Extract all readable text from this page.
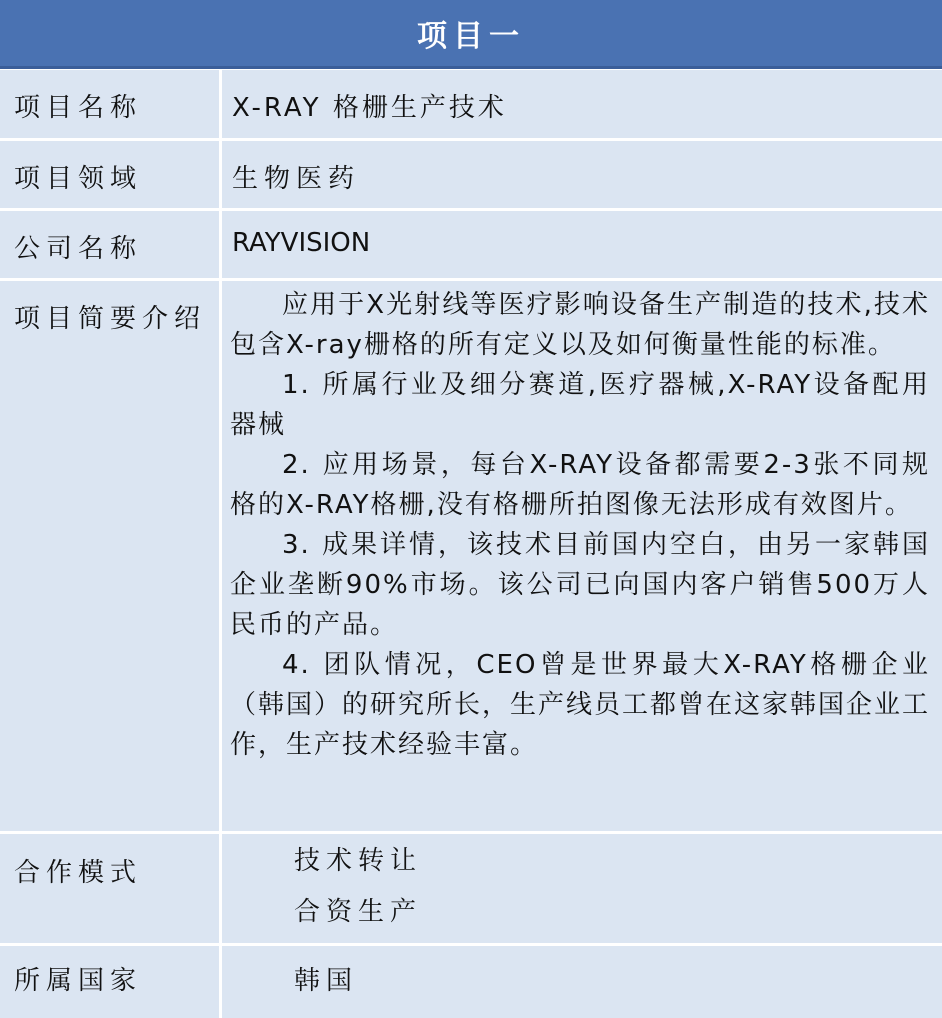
项目一
项目名称	X-RAY 格栅生产技术
项目领域	生物医药
公司名称	RAYVISION
项目简要介绍	应用于X光射线等医疗影响设备生产制造的技术,技术包含X-ray栅格的所有定义以及如何衡量性能的标准。

1. 所属行业及细分赛道,医疗器械,X-RAY设备配用器械

2. 应用场景，每台X-RAY设备都需要2-3张不同规格的X-RAY格栅,没有格栅所拍图像无法形成有效图片。

3. 成果详情，该技术目前国内空白，由另一家韩国企业垄断90%市场。该公司已向国内客户销售500万人民币的产品。

4. 团队情况，CEO曾是世界最大X-RAY格栅企业（韩国）的研究所长，生产线员工都曾在这家韩国企业工作，生产技术经验丰富。

合作模式	技术转让
合资生产
所属国家	韩国
